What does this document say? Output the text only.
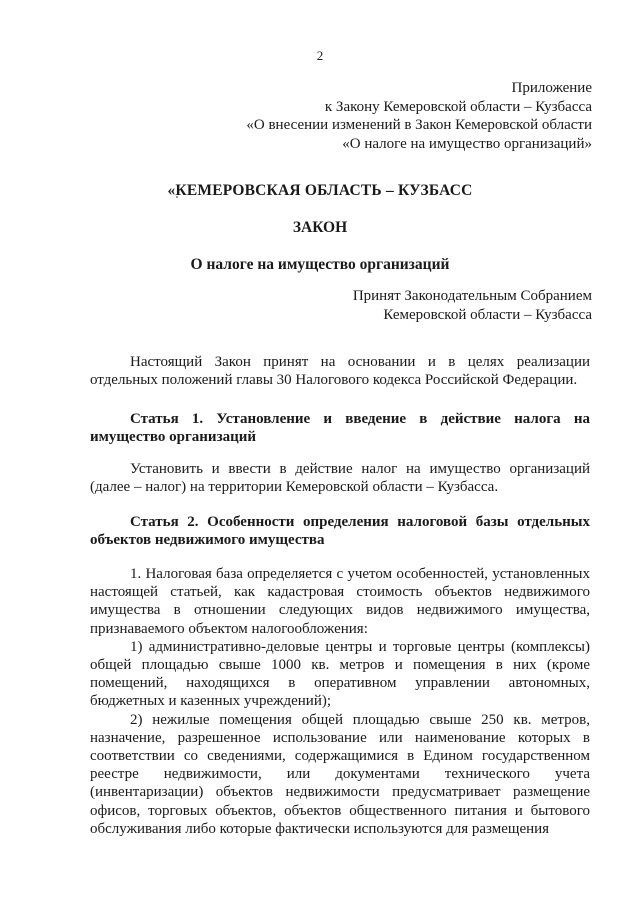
2
Приложение
к Закону Кемеровской области – Кузбасса
«О внесении изменений в Закон Кемеровской области
«О налоге на имущество организаций»
«КЕМЕРОВСКАЯ ОБЛАСТЬ – КУЗБАСС
ЗАКОН
О налоге на имущество организаций
Принят Законодательным Собранием
Кемеровской области – Кузбасса

Настоящий Закон принят на основании и в целях реализации отдельных положений главы 30 Налогового кодекса Российской Федерации.

Статья 1. Установление и введение в действие налога на имущество организаций

Установить и ввести в действие налог на имущество организаций (далее – налог) на территории Кемеровской области – Кузбасса.

Статья 2. Особенности определения налоговой базы отдельных объектов недвижимого имущества

1. Налоговая база определяется с учетом особенностей, установленных настоящей статьей, как кадастровая стоимость объектов недвижимого имущества в отношении следующих видов недвижимого имущества, признаваемого объектом налогообложения:

1) административно-деловые центры и торговые центры (комплексы) общей площадью свыше 1000 кв. метров и помещения в них (кроме помещений, находящихся в оперативном управлении автономных, бюджетных и казенных учреждений);

2) нежилые помещения общей площадью свыше 250 кв. метров, назначение, разрешенное использование или наименование которых в соответствии со сведениями, содержащимися в Едином государственном реестре недвижимости, или документами технического учета (инвентаризации) объектов недвижимости предусматривает размещение офисов, торговых объектов, объектов общественного питания и бытового обслуживания либо которые фактически используются для размещения
